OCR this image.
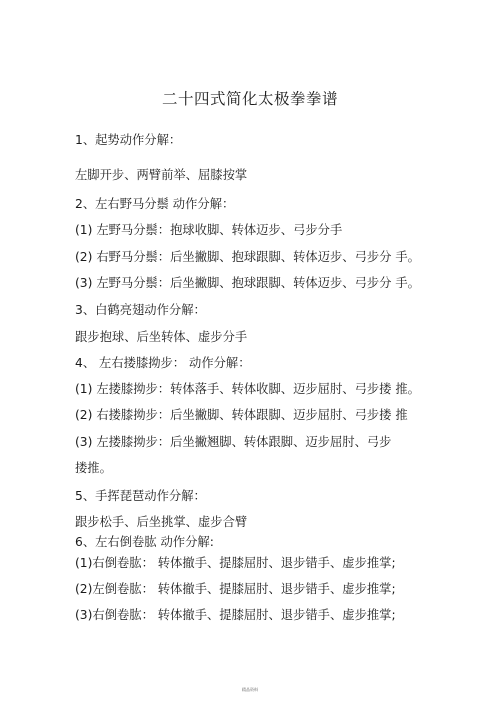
二十四式简化太极拳拳谱
1、起势动作分解：
左脚开步、两臂前举、屈膝按掌
2、左右野马分鬃 动作分解：
(1) 左野马分鬃：抱球收脚、转体迈步、弓步分手
(2) 右野马分鬃：后坐撇脚、抱球跟脚、转体迈步、弓步分 手。
(3) 左野马分鬃：后坐撇脚、抱球跟脚、转体迈步、弓步分 手。
3、白鹤亮翅动作分解：
跟步抱球、后坐转体、虚步分手
4、 左右搂膝拗步： 动作分解：
(1) 左搂膝拗步：转体落手、转体收脚、迈步屈肘、弓步搂 推。
(2) 右搂膝拗步：后坐撇脚、转体跟脚、迈步屈肘、弓步搂 推
(3) 左搂膝拗步：后坐撇翘脚、转体跟脚、迈步屈肘、弓步
搂推。
5、手挥琵琶动作分解：
跟步松手、后坐挑掌、虚步合臂
6、左右倒卷肱 动作分解:
(1)右倒卷肱： 转体撤手、提膝屈肘、退步错手、虚步推掌;
(2)左倒卷肱： 转体撤手、提膝屈肘、退步错手、虚步推掌;
(3)右倒卷肱： 转体撤手、提膝屈肘、退步错手、虚步推掌;
精品资料
